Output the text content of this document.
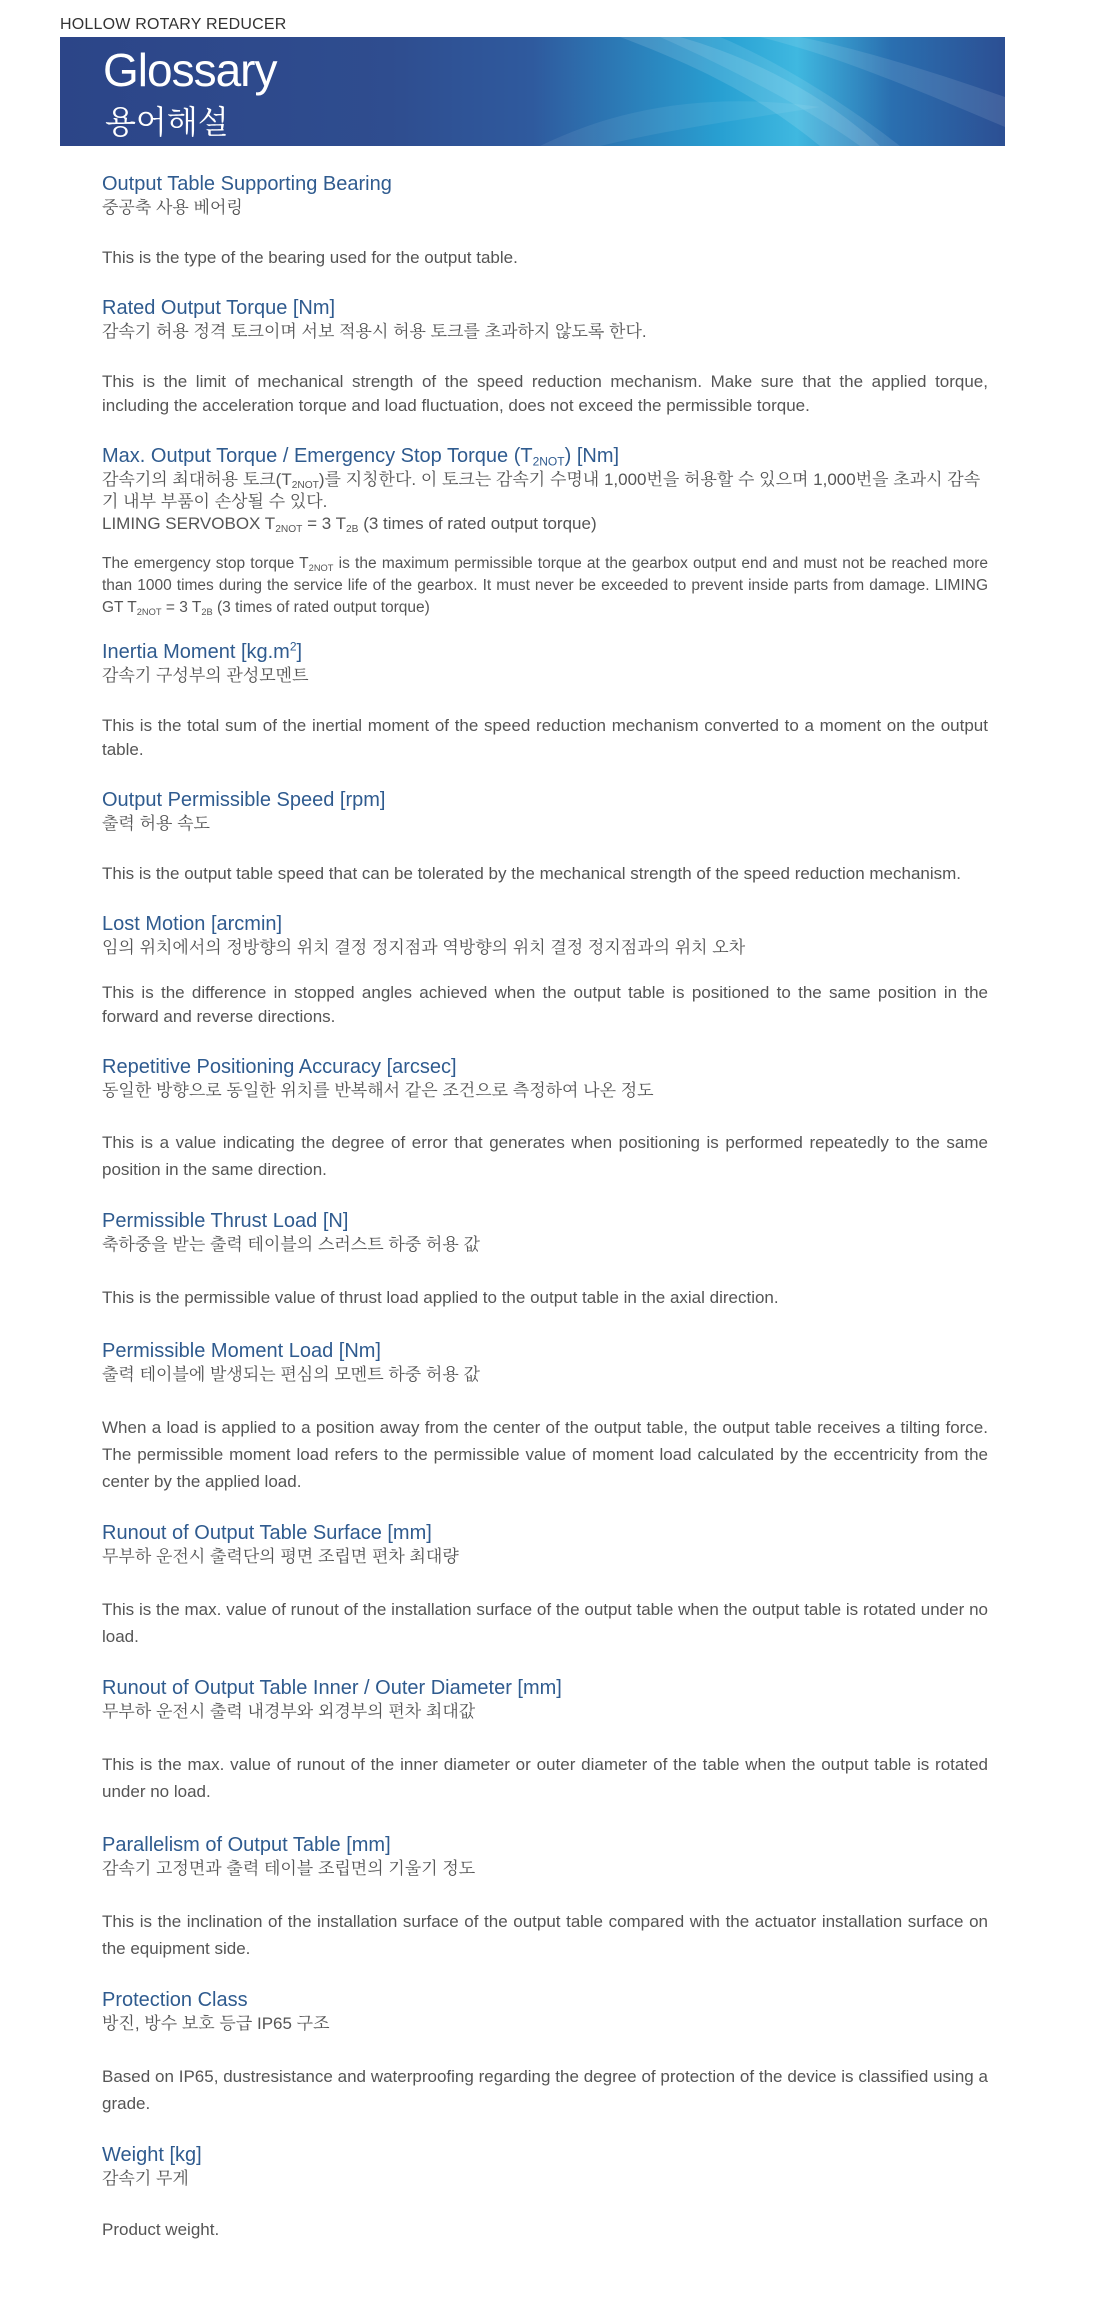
HOLLOW ROTARY REDUCER
Glossary
용어해설
Output Table Supporting Bearing
중공축 사용 베어링
This is the type of the bearing used for the output table.
Rated Output Torque [Nm]
감속기 허용 정격 토크이며 서보 적용시 허용 토크를 초과하지 않도록 한다.
This is the limit of mechanical strength of the speed reduction mechanism. Make sure that the applied torque, including the acceleration torque and load fluctuation, does not exceed the permissible torque.
Max. Output Torque / Emergency Stop Torque $(T_{2NOT})$ [Nm]
감속기의 최대허용 토크$(T_{2NOT})$를 지칭한다. 이 토크는 감속기 수명내 1,000번을 허용할 수 있으며 1,000번을 초과시 감속기 내부 부품이 손상될 수 있다.
LIMING SERVOBOX $T_{2NOT} = 3$ $T_{2B}$ (3 times of rated output torque)
The emergency stop torque $T_{2NOT}$ is the maximum permissible torque at the gearbox output end and must not be reached more than 1000 times during the service life of the gearbox. It must never be exceeded to prevent inside parts from damage. LIMING GT $T_{2NOT} = 3$ $T_{2B}$ (3 times of rated output torque)
Inertia Moment $[kg.m^2]$
감속기 구성부의 관성모멘트
This is the total sum of the inertial moment of the speed reduction mechanism converted to a moment on the output table.
Output Permissible Speed [rpm]
출력 허용 속도
This is the output table speed that can be tolerated by the mechanical strength of the speed reduction mechanism.
Lost Motion [arcmin]
임의 위치에서의 정방향의 위치 결정 정지점과 역방향의 위치 결정 정지점과의 위치 오차
This is the difference in stopped angles achieved when the output table is positioned to the same position in the forward and reverse directions.
Repetitive Positioning Accuracy [arcsec]
동일한 방향으로 동일한 위치를 반복해서 같은 조건으로 측정하여 나온 정도
This is a value indicating the degree of error that generates when positioning is performed repeatedly to the same position in the same direction.
Permissible Thrust Load [N]
축하중을 받는 출력 테이블의 스러스트 하중 허용 값
This is the permissible value of thrust load applied to the output table in the axial direction.
Permissible Moment Load [Nm]
출력 테이블에 발생되는 편심의 모멘트 하중 허용 값
When a load is applied to a position away from the center of the output table, the output table receives a tilting force. The permissible moment load refers to the permissible value of moment load calculated by the eccentricity from the center by the applied load.
Runout of Output Table Surface [mm]
무부하 운전시 출력단의 평면 조립면 편차 최대량
This is the max. value of runout of the installation surface of the output table when the output table is rotated under no load.
Runout of Output Table Inner / Outer Diameter [mm]
무부하 운전시 출력 내경부와 외경부의 편차 최대값
This is the max. value of runout of the inner diameter or outer diameter of the table when the output table is rotated under no load.
Parallelism of Output Table [mm]
감속기 고정면과 출력 테이블 조립면의 기울기 정도
This is the inclination of the installation surface of the output table compared with the actuator installation surface on the equipment side.
Protection Class
방진, 방수 보호 등급 IP65 구조
Based on IP65, dustresistance and waterproofing regarding the degree of protection of the device is classified using a grade.
Weight [kg]
감속기 무게
Product weight.
